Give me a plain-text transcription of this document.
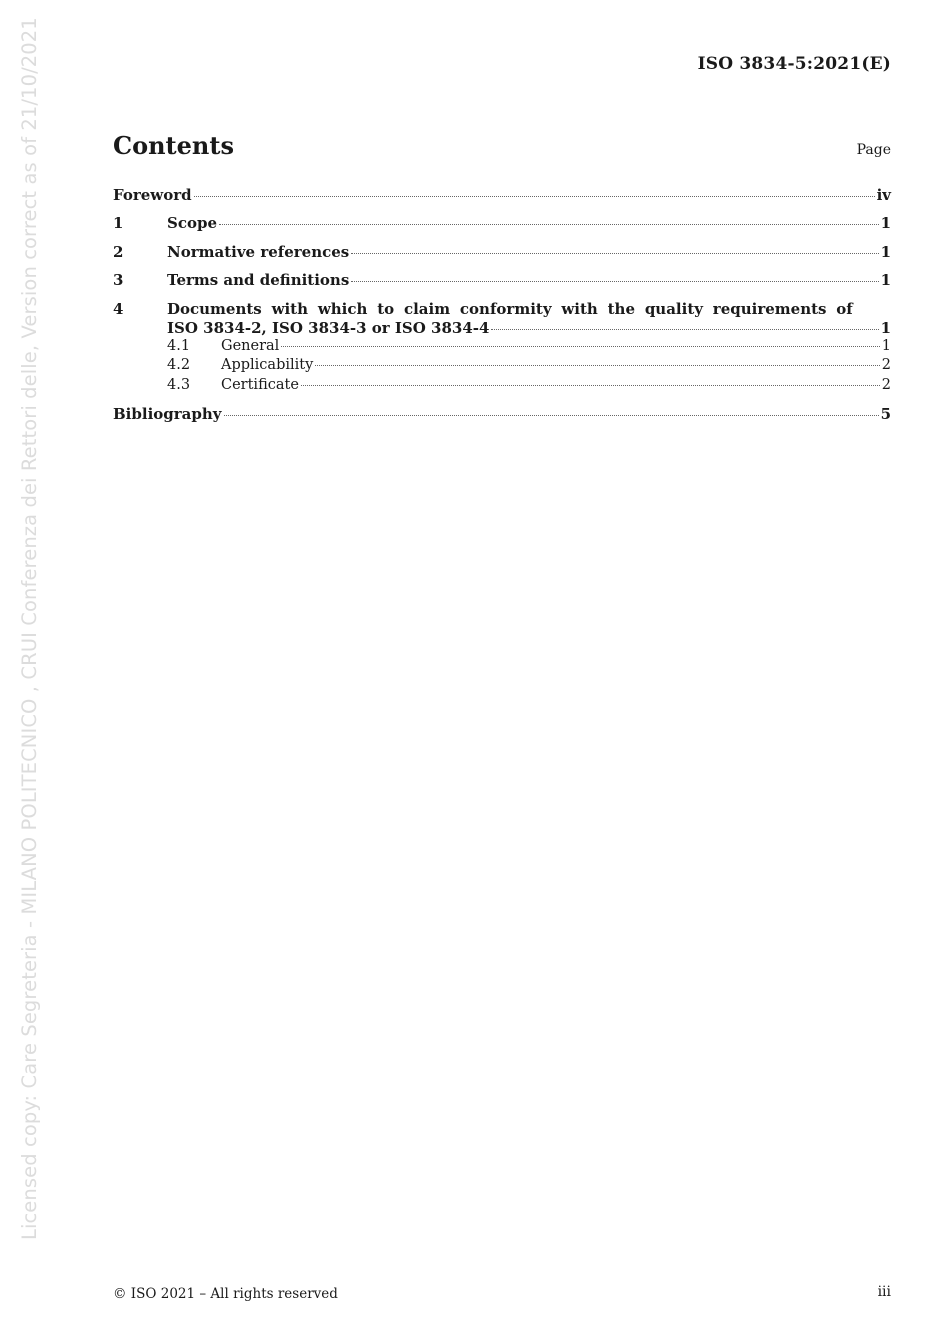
ISO 3834-5:2021(E)
Licensed copy: Care Segreteria - MILANO POLITECNICO , CRUI Conferenza dei Rettori delle, Version correct as of 21/10/2021	Contents	Page
Foreword	iv
1	Scope	1
2	Normative references	1
3	Terms and definitions	1
4	Documents with which to claim conformity with the quality requirements of
ISO 3834-2, ISO 3834-3 or ISO 3834-4	1
4.1	General	1
4.2	Applicability	2
4.3	Certificate	2
Bibliography	5
© ISO 2021 – All rights reserved	iii
